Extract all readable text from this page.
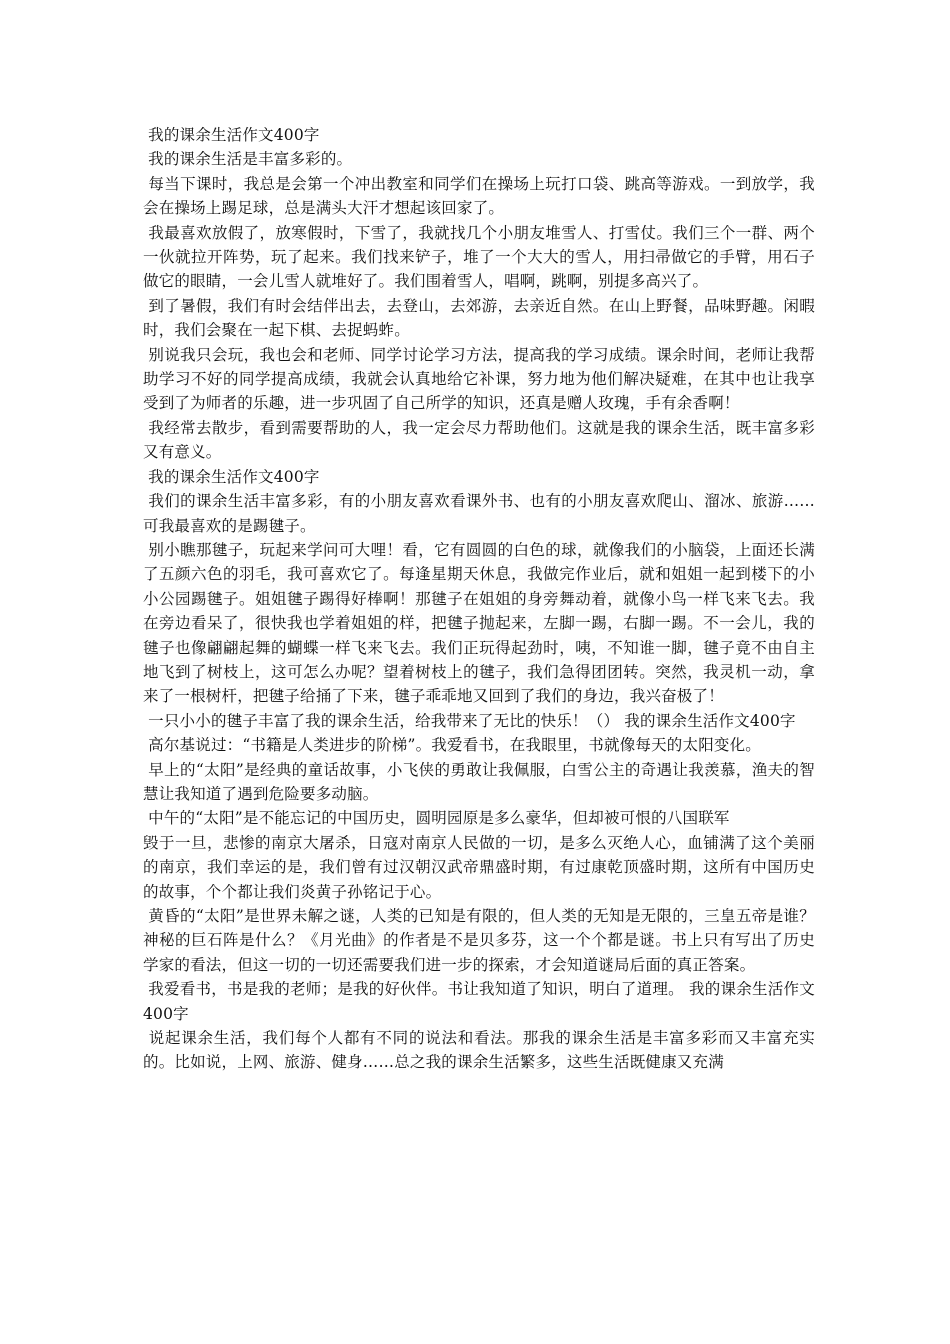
我的课余生活作文400字

我的课余生活是丰富多彩的。

每当下课时，我总是会第一个冲出教室和同学们在操场上玩打口袋、跳高等游戏。一到放学，我会在操场上踢足球，总是满头大汗才想起该回家了。

我最喜欢放假了，放寒假时，下雪了，我就找几个小朋友堆雪人、打雪仗。我们三个一群、两个一伙就拉开阵势，玩了起来。我们找来铲子，堆了一个大大的雪人，用扫帚做它的手臂，用石子做它的眼睛，一会儿雪人就堆好了。我们围着雪人，唱啊，跳啊，别提多高兴了。

到了暑假，我们有时会结伴出去，去登山，去郊游，去亲近自然。在山上野餐，品味野趣。闲暇时，我们会聚在一起下棋、去捉蚂蚱。

别说我只会玩，我也会和老师、同学讨论学习方法，提高我的学习成绩。课余时间，老师让我帮助学习不好的同学提高成绩，我就会认真地给它补课，努力地为他们解决疑难，在其中也让我享受到了为师者的乐趣，进一步巩固了自己所学的知识，还真是赠人玫瑰，手有余香啊！

我经常去散步，看到需要帮助的人，我一定会尽力帮助他们。这就是我的课余生活，既丰富多彩又有意义。

我的课余生活作文400字

我们的课余生活丰富多彩，有的小朋友喜欢看课外书、也有的小朋友喜欢爬山、溜冰、旅游……可我最喜欢的是踢毽子。

别小瞧那毽子，玩起来学问可大哩！看，它有圆圆的白色的球，就像我们的小脑袋，上面还长满了五颜六色的羽毛，我可喜欢它了。每逢星期天休息，我做完作业后，就和姐姐一起到楼下的小小公园踢毽子。姐姐毽子踢得好棒啊！那毽子在姐姐的身旁舞动着，就像小鸟一样飞来飞去。我在旁边看呆了，很快我也学着姐姐的样，把毽子抛起来，左脚一踢，右脚一踢。不一会儿，我的毽子也像翩翩起舞的蝴蝶一样飞来飞去。我们正玩得起劲时，咦，不知谁一脚，毽子竟不由自主地飞到了树枝上，这可怎么办呢？望着树枝上的毽子，我们急得团团转。突然，我灵机一动，拿来了一根树杆，把毽子给捅了下来，毽子乖乖地又回到了我们的身边，我兴奋极了！

一只小小的毽子丰富了我的课余生活，给我带来了无比的快乐！（） 我的课余生活作文400字

高尔基说过：“书籍是人类进步的阶梯”。我爱看书，在我眼里，书就像每天的太阳变化。

早上的“太阳”是经典的童话故事，小飞侠的勇敢让我佩服，白雪公主的奇遇让我羡慕，渔夫的智慧让我知道了遇到危险要多动脑。

中午的“太阳”是不能忘记的中国历史，圆明园原是多么豪华，但却被可恨的八国联军

毁于一旦，悲惨的南京大屠杀，日寇对南京人民做的一切，是多么灭绝人心，血铺满了这个美丽的南京，我们幸运的是，我们曾有过汉朝汉武帝鼎盛时期，有过康乾顶盛时期，这所有中国历史的故事，个个都让我们炎黄子孙铭记于心。

黄昏的“太阳”是世界未解之谜，人类的已知是有限的，但人类的无知是无限的，三皇五帝是谁？神秘的巨石阵是什么？《月光曲》的作者是不是贝多芬，这一个个都是谜。书上只有写出了历史学家的看法，但这一切的一切还需要我们进一步的探索，才会知道谜局后面的真正答案。

我爱看书，书是我的老师；是我的好伙伴。书让我知道了知识，明白了道理。 我的课余生活作文400字

说起课余生活，我们每个人都有不同的说法和看法。那我的课余生活是丰富多彩而又丰富充实的。比如说，上网、旅游、健身……总之我的课余生活繁多，这些生活既健康又充满
